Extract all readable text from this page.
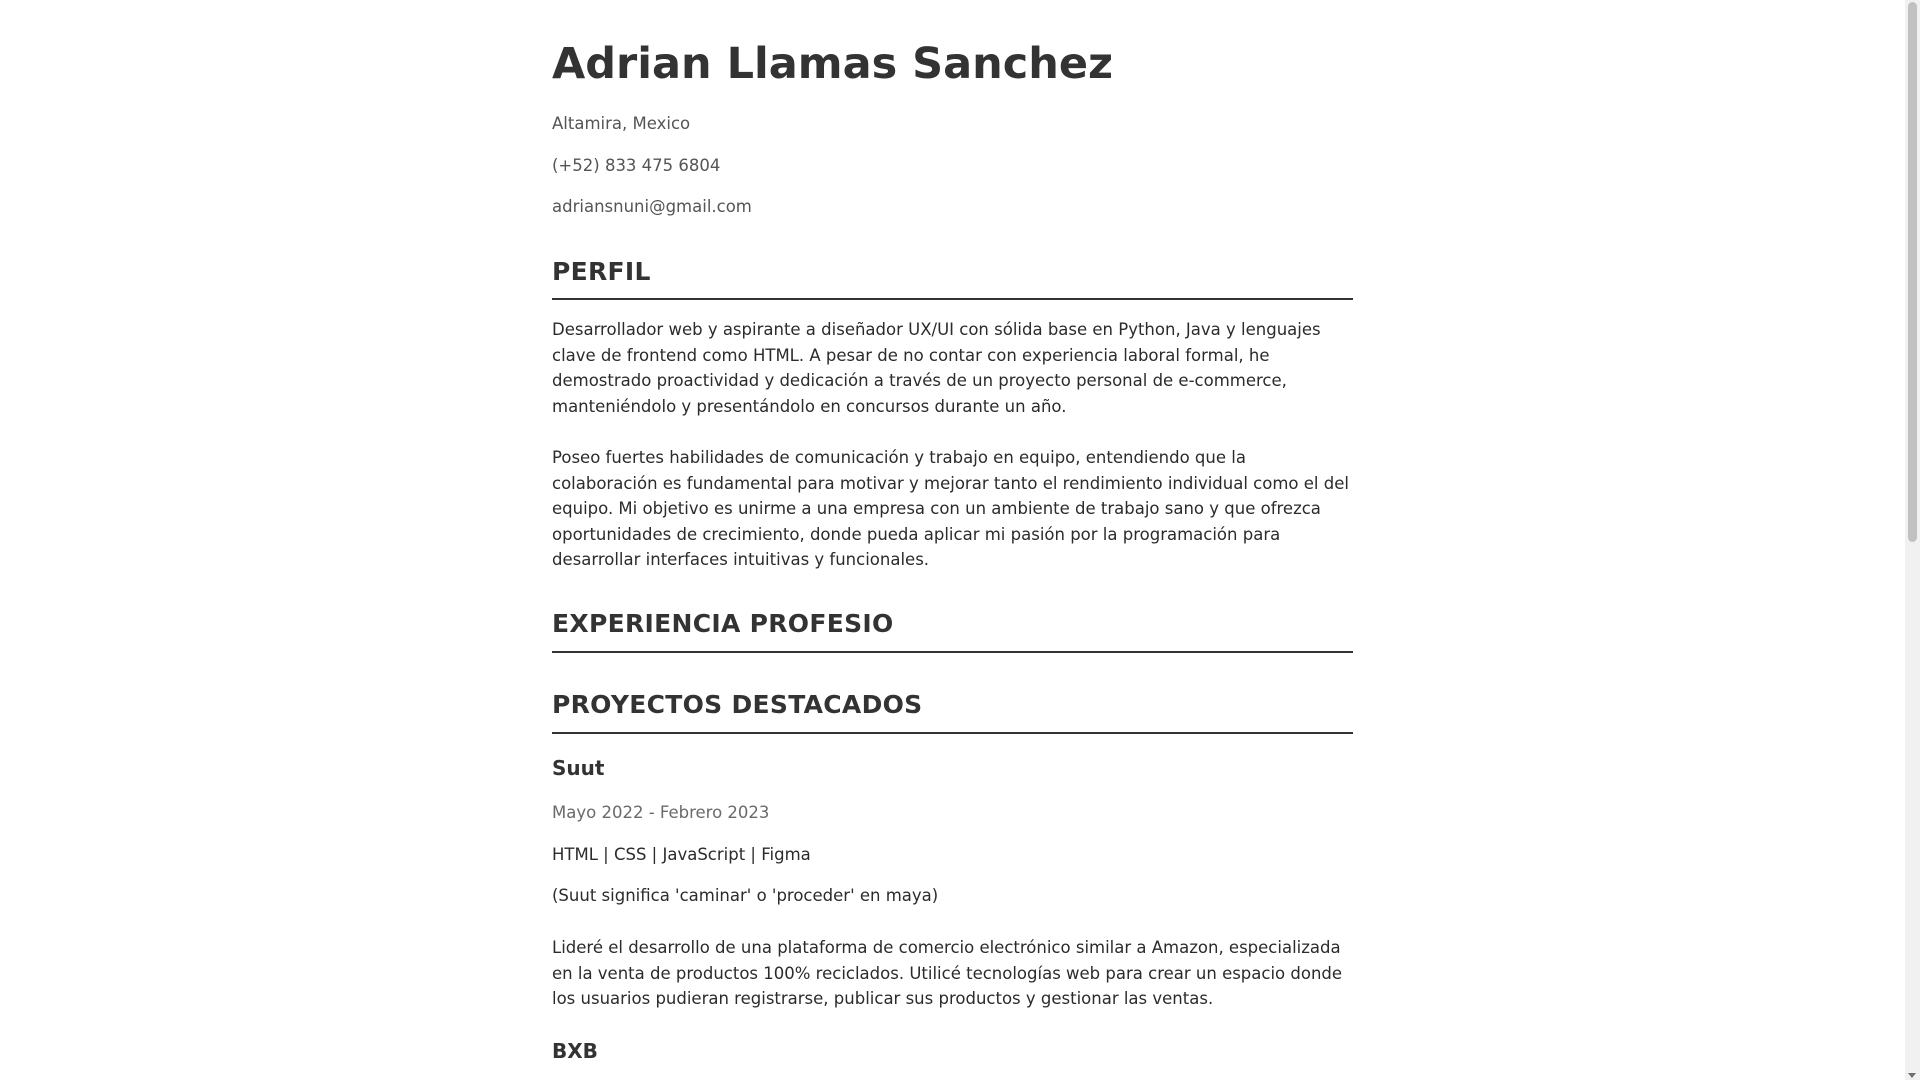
Adrian Llamas Sanchez
Altamira, Mexico
(+52) 833 475 6804
adriansnuni@gmail.com
PERFIL
Desarrollador web y aspirante a diseñador UX/UI con sólida base en Python, Java y lenguajes clave de frontend como HTML. A pesar de no contar con experiencia laboral formal, he demostrado proactividad y dedicación a través de un proyecto personal de e-commerce, manteniéndolo y presentándolo en concursos durante un año.
Poseo fuertes habilidades de comunicación y trabajo en equipo, entendiendo que la colaboración es fundamental para motivar y mejorar tanto el rendimiento individual como el del equipo. Mi objetivo es unirme a una empresa con un ambiente de trabajo sano y que ofrezca oportunidades de crecimiento, donde pueda aplicar mi pasión por la programación para desarrollar interfaces intuitivas y funcionales.
EXPERIENCIA PROFESIO
PROYECTOS DESTACADOS
Suut
Mayo 2022 - Febrero 2023
HTML | CSS | JavaScript | Figma
(Suut significa 'caminar' o 'proceder' en maya)
Lideré el desarrollo de una plataforma de comercio electrónico similar a Amazon, especializada en la venta de productos 100% reciclados. Utilicé tecnologías web para crear un espacio donde los usuarios pudieran registrarse, publicar sus productos y gestionar las ventas.
BXB
